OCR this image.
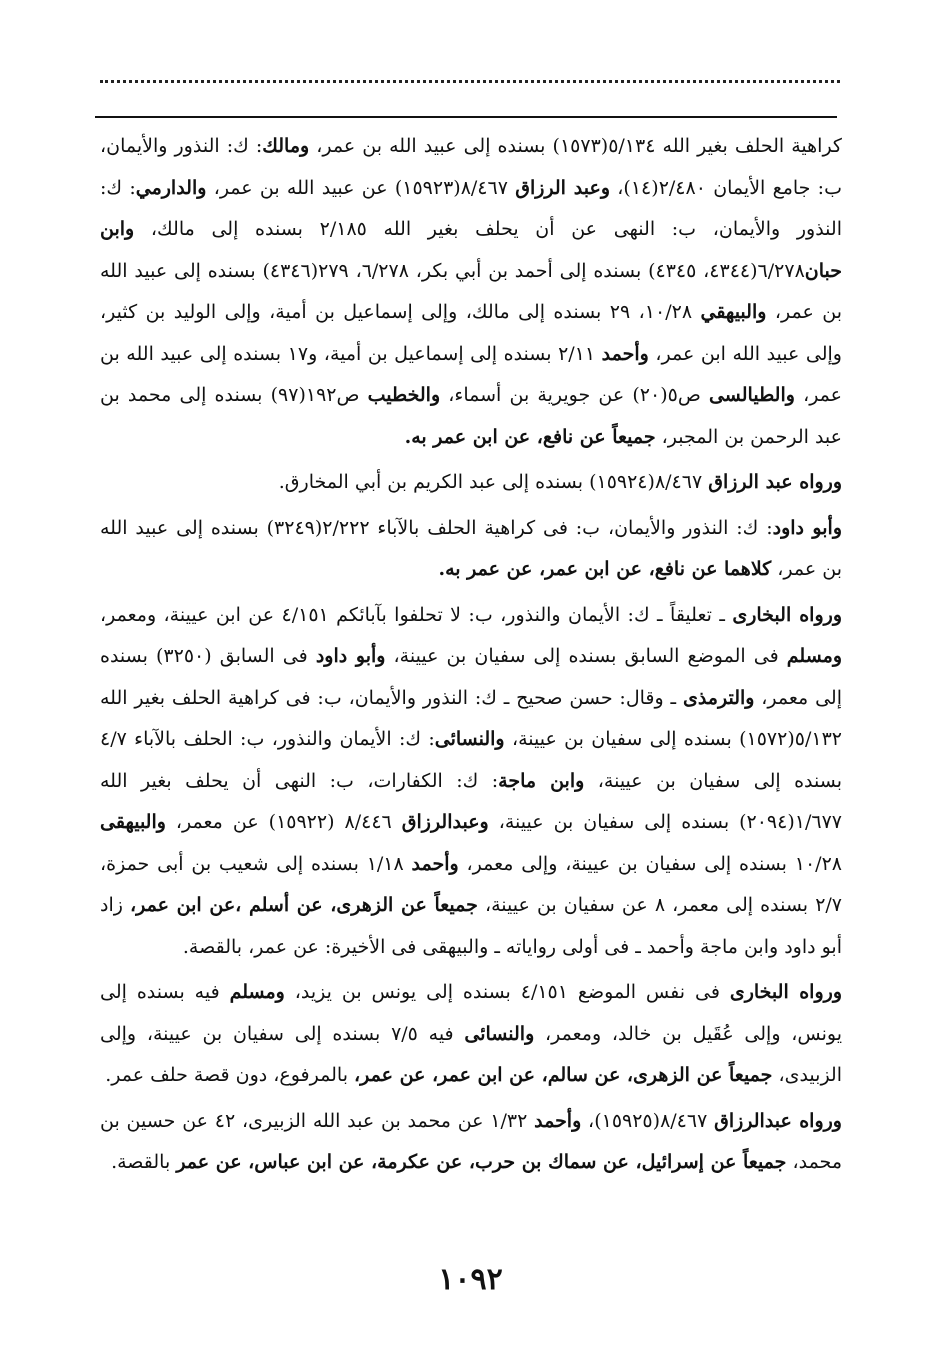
كراهية الحلف بغير الله ٥/١٣٤(١٥٧٣) بسنده إلى عبيد الله بن عمر، ومالك: ك: النذور والأيمان، ب: جامع الأيمان ٢/٤٨٠(١٤)، وعبد الرزاق ٨/٤٦٧(١٥٩٢٣) عن عبيد الله بن عمر، والدارمي: ك: النذور والأيمان، ب: النهى عن أن يحلف بغير الله ٢/١٨٥ بسنده إلى مالك، وابن حبان٦/٢٧٨(٤٣٤٤، ٤٣٤٥) بسنده إلى أحمد بن أبي بكر، ٦/٢٧٨، ٢٧٩(٤٣٤٦) بسنده إلى عبيد الله بن عمر، والبيهقي ١٠/٢٨، ٢٩ بسنده إلى مالك، وإلى إسماعيل بن أمية، وإلى الوليد بن كثير، وإلى عبيد الله ابن عمر، وأحمد ٢/١١ بسنده إلى إسماعيل بن أمية، و١٧ بسنده إلى عبيد الله بن عمر، والطيالسى ص٥(٢٠) عن جويرية بن أسماء، والخطيب ص١٩٢(٩٧) بسنده إلى محمد بن عبد الرحمن بن المجبر، جميعاً عن نافع، عن ابن عمر به.

ورواه عبد الرزاق ٨/٤٦٧(١٥٩٢٤) بسنده إلى عبد الكريم بن أبي المخارق.

وأبو داود: ك: النذور والأيمان، ب: فى كراهية الحلف بالآباء ٢/٢٢٢(٣٢٤٩) بسنده إلى عبيد الله بن عمر، كلاهما عن نافع، عن ابن عمر، عن عمر به.

ورواه البخارى ـ تعليقاً ـ ك: الأيمان والنذور، ب: لا تحلفوا بآبائكم ٤/١٥١ عن ابن عيينة، ومعمر، ومسلم فى الموضع السابق بسنده إلى سفيان بن عيينة، وأبو داود فى السابق (٣٢٥٠) بسنده إلى معمر، والترمذى ـ وقال: حسن صحيح ـ ك: النذور والأيمان، ب: فى كراهية الحلف بغير الله ٥/١٣٢(١٥٧٢) بسنده إلى سفيان بن عيينة، والنسائى: ك: الأيمان والنذور، ب: الحلف بالآباء ٤/٧ بسنده إلى سفيان بن عيينة، وابن ماجة: ك: الكفارات، ب: النهى أن يحلف بغير الله ١/٦٧٧(٢٠٩٤) بسنده إلى سفيان بن عيينة، وعبدالرزاق ٨/٤٤٦ (١٥٩٢٢) عن معمر، والبيهقى ١٠/٢٨ بسنده إلى سفيان بن عيينة، وإلى معمر، وأحمد ١/١٨ بسنده إلى شعيب بن أبى حمزة، ٢/٧ بسنده إلى معمر، ٨ عن سفيان بن عيينة، جميعاً عن الزهرى، عن أسلم ،عن ابن عمر، زاد أبو داود وابن ماجة وأحمد ـ فى أولى رواياته ـ والبيهقى فى الأخيرة: عن عمر، بالقصة.

ورواه البخارى فى نفس الموضع ٤/١٥١ بسنده إلى يونس بن يزيد، ومسلم فيه بسنده إلى يونس، وإلى عُقَيل بن خالد، ومعمر، والنسائى فيه ٧/٥ بسنده إلى سفيان بن عيينة، وإلى الزبيدى، جميعاً عن الزهرى، عن سالم، عن ابن عمر، عن عمر، بالمرفوع، دون قصة حلف عمر.

ورواه عبدالرزاق ٨/٤٦٧(١٥٩٢٥)، وأحمد ١/٣٢ عن محمد بن عبد الله الزبيرى، ٤٢ عن حسين بن محمد، جميعاً عن إسرائيل، عن سماك بن حرب، عن عكرمة، عن ابن عباس، عن عمر بالقصة.

١٠٩٢
